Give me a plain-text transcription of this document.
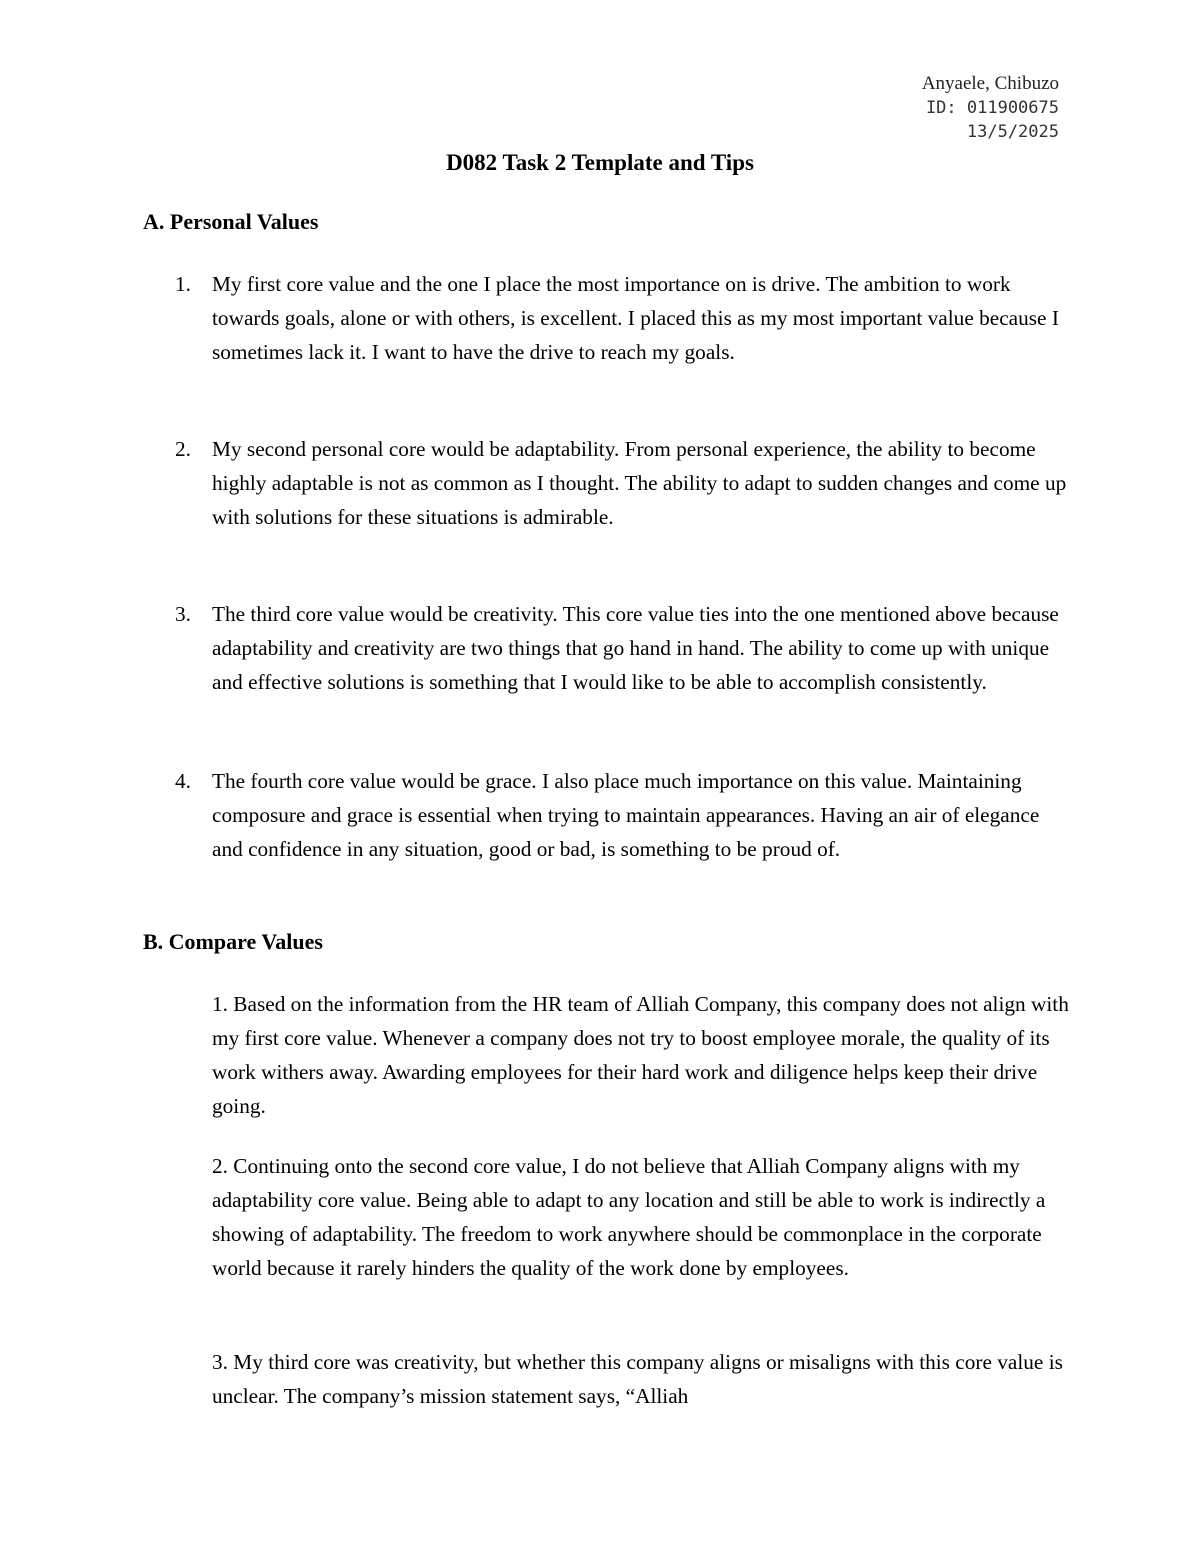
Anyaele, Chibuzo
ID: 011900675
13/5/2025
D082 Task 2 Template and Tips
A. Personal Values
1. My first core value and the one I place the most importance on is drive. The ambition to work towards goals, alone or with others, is excellent. I placed this as my most important value because I sometimes lack it. I want to have the drive to reach my goals.
2. My second personal core would be adaptability. From personal experience, the ability to become highly adaptable is not as common as I thought. The ability to adapt to sudden changes and come up with solutions for these situations is admirable.
3. The third core value would be creativity. This core value ties into the one mentioned above because adaptability and creativity are two things that go hand in hand. The ability to come up with unique and effective solutions is something that I would like to be able to accomplish consistently.
4. The fourth core value would be grace. I also place much importance on this value. Maintaining composure and grace is essential when trying to maintain appearances. Having an air of elegance and confidence in any situation, good or bad, is something to be proud of.
B. Compare Values
1. Based on the information from the HR team of Alliah Company, this company does not align with my first core value. Whenever a company does not try to boost employee morale, the quality of its work withers away. Awarding employees for their hard work and diligence helps keep their drive going.
2. Continuing onto the second core value, I do not believe that Alliah Company aligns with my adaptability core value. Being able to adapt to any location and still be able to work is indirectly a showing of adaptability. The freedom to work anywhere should be commonplace in the corporate world because it rarely hinders the quality of the work done by employees.
3. My third core was creativity, but whether this company aligns or misaligns with this core value is unclear. The company’s mission statement says, “Alliah
